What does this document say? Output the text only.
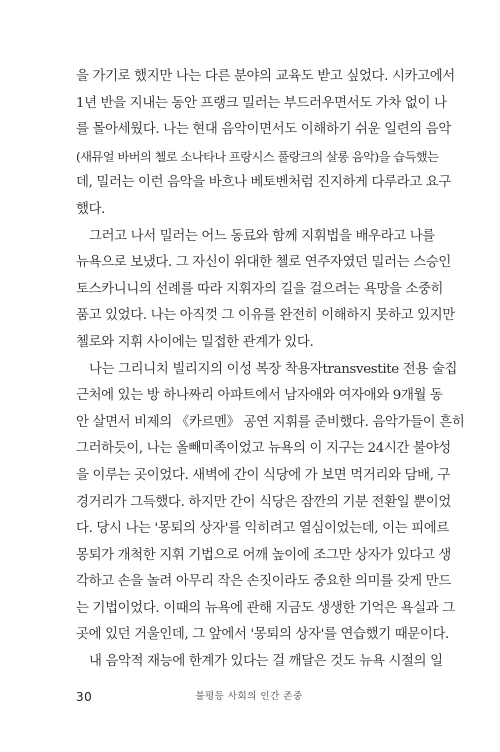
을 가기로 했지만 나는 다른 분야의 교육도 받고 싶었다. 시카고에서
1년 반을 지내는 동안 프랭크 밀러는 부드러우면서도 가차 없이 나
를 몰아세웠다. 나는 현대 음악이면서도 이해하기 쉬운 일련의 음악
(새뮤얼 바버의 첼로 소나타나 프랑시스 풀랑크의 살롱 음악)을 습득했는
데, 밀러는 이런 음악을 바흐나 베토벤처럼 진지하게 다루라고 요구
했다.
그러고 나서 밀러는 어느 동료와 함께 지휘법을 배우라고 나를
뉴욕으로 보냈다. 그 자신이 위대한 첼로 연주자였던 밀러는 스승인
토스카니니의 선례를 따라 지휘자의 길을 걸으려는 욕망을 소중히
품고 있었다. 나는 아직껏 그 이유를 완전히 이해하지 못하고 있지만
첼로와 지휘 사이에는 밀접한 관계가 있다.
나는 그리니치 빌리지의 이성 복장 착용자transvestite 전용 술집
근처에 있는 방 하나짜리 아파트에서 남자애와 여자애와 9개월 동
안 살면서 비제의 《카르멘》 공연 지휘를 준비했다. 음악가들이 흔히
그러하듯이, 나는 올빼미족이었고 뉴욕의 이 지구는 24시간 불야성
을 이루는 곳이었다. 새벽에 간이 식당에 가 보면 먹거리와 담배, 구
경거리가 그득했다. 하지만 간이 식당은 잠깐의 기분 전환일 뿐이었
다. 당시 나는 '몽퇴의 상자'를 익히려고 열심이었는데, 이는 피에르
몽퇴가 개척한 지휘 기법으로 어깨 높이에 조그만 상자가 있다고 생
각하고 손을 놀려 아무리 작은 손짓이라도 중요한 의미를 갖게 만드
는 기법이었다. 이때의 뉴욕에 관해 지금도 생생한 기억은 욕실과 그
곳에 있던 거울인데, 그 앞에서 '몽퇴의 상자'를 연습했기 때문이다.
내 음악적 재능에 한계가 있다는 걸 깨달은 것도 뉴욕 시절의 일
30	불평등 사회의 인간 존중
